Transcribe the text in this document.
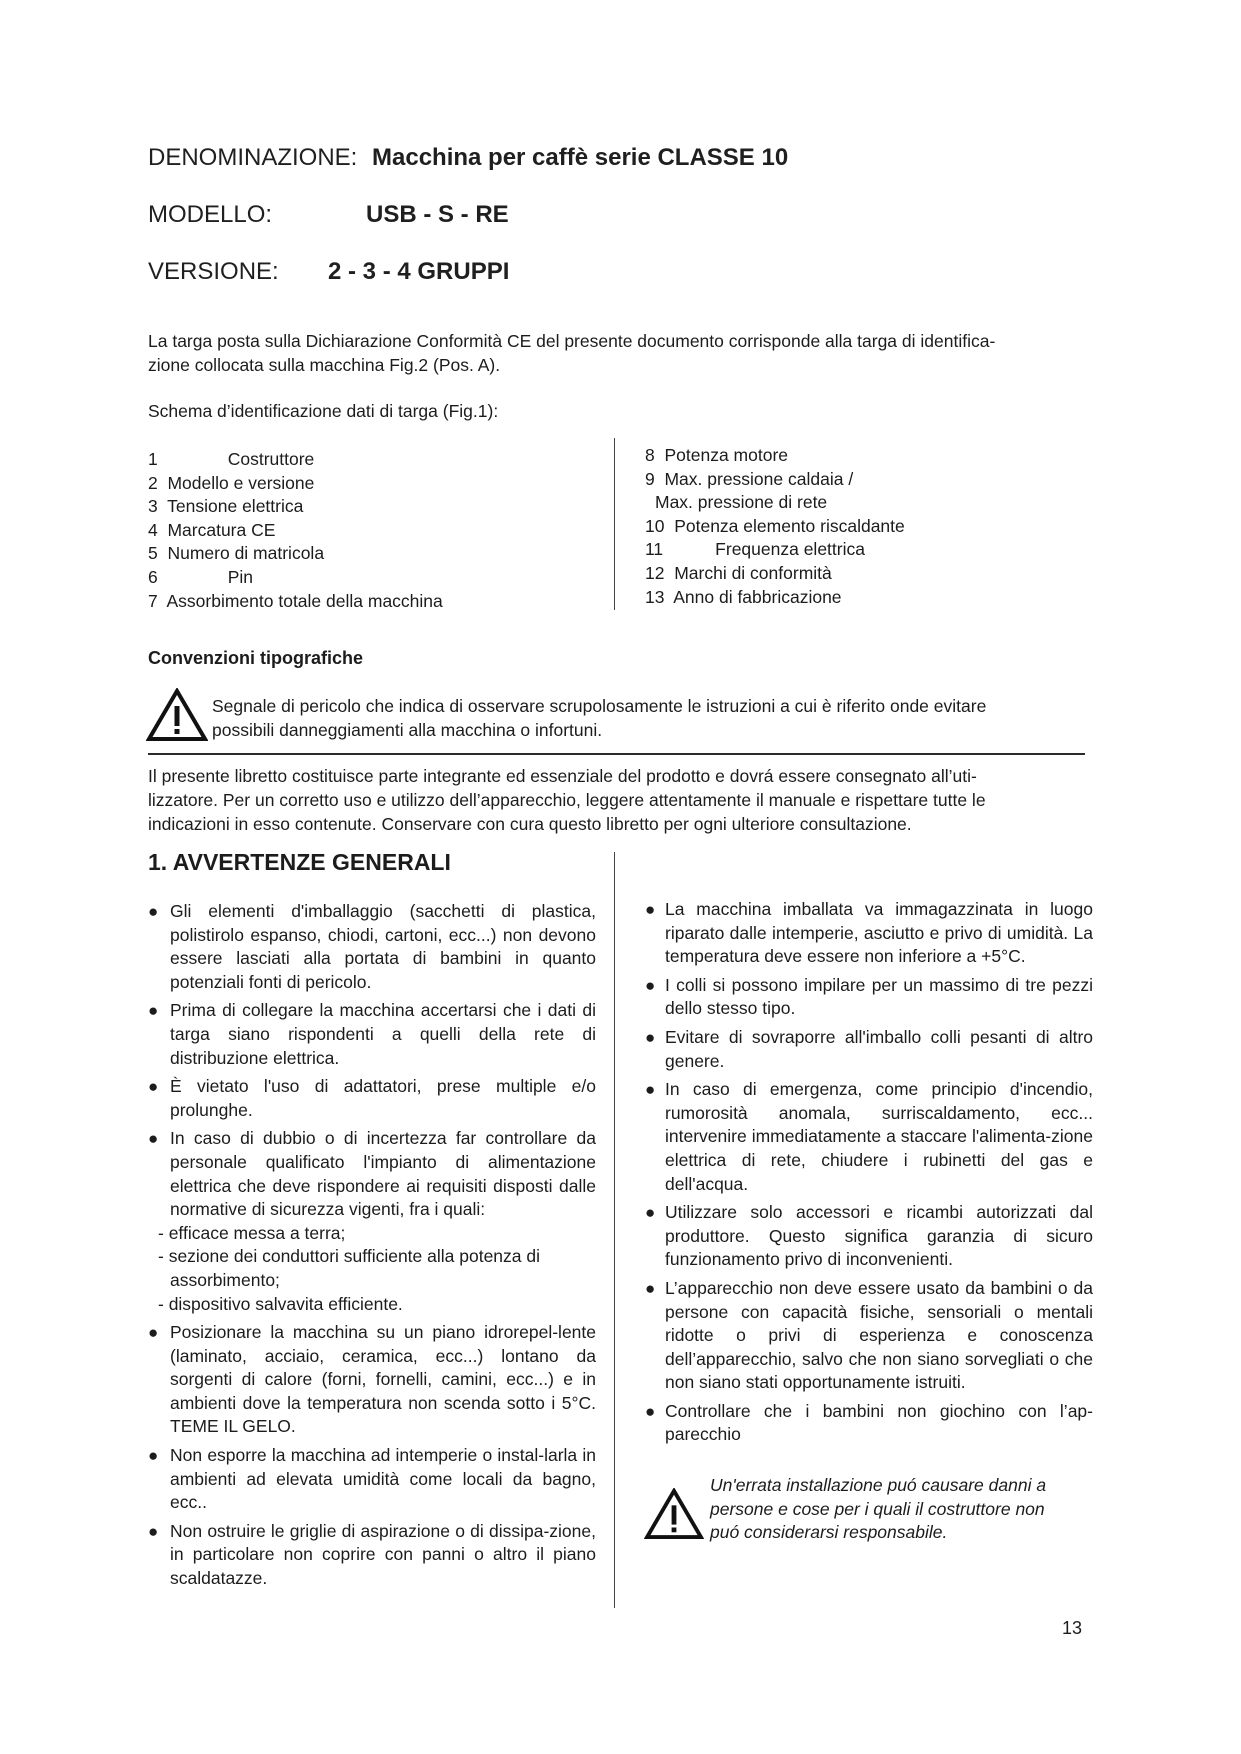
DENOMINAZIONE: Macchina per caffè serie CLASSE 10
MODELLO:	USB - S - RE
VERSIONE: 2 - 3 - 4 GRUPPI
La targa posta sulla Dichiarazione Conformità CE del presente documento corrisponde alla targa di identifica-
zione collocata sulla macchina Fig.2 (Pos. A).
Schema d’identificazione dati di targa (Fig.1):
1	Costruttore
2 Modello e versione
3 Tensione elettrica
4 Marcatura CE
5 Numero di matricola
6	Pin
7 Assorbimento totale della macchina
8 Potenza motore
9 Max. pressione caldaia /
Max. pressione di rete
10 Potenza elemento riscaldante
11	Frequenza elettrica
12 Marchi di conformità
13 Anno di fabbricazione
Convenzioni tipografiche
Segnale di pericolo che indica di osservare scrupolosamente le istruzioni a cui è riferito onde evitare
possibili danneggiamenti alla macchina o infortuni.
Il presente libretto costituisce parte integrante ed essenziale del prodotto e dovrá essere consegnato all’uti-
lizzatore. Per un corretto uso e utilizzo dell’apparecchio, leggere attentamente il manuale e rispettare tutte le
indicazioni in esso contenute. Conservare con cura questo libretto per ogni ulteriore consultazione.
1. AVVERTENZE GENERALI
● Gli elementi d'imballaggio (sacchetti di plastica, polistirolo espanso, chiodi, cartoni, ecc...) non devono essere lasciati alla portata di bambini in quanto potenziali fonti di pericolo.
● Prima di collegare la macchina accertarsi che i dati di targa siano rispondenti a quelli della rete di distribuzione elettrica.
● È vietato l'uso di adattatori, prese multiple e/o prolunghe.
● In caso di dubbio o di incertezza far controllare da personale qualificato l'impianto di alimentazione elettrica che deve rispondere ai requisiti disposti dalle normative di sicurezza vigenti, fra i quali:
- efficace messa a terra;
- sezione dei conduttori sufficiente alla potenza di
assorbimento;
- dispositivo salvavita efficiente.
● Posizionare la macchina su un piano idrorepel-lente (laminato, acciaio, ceramica, ecc...) lontano da sorgenti di calore (forni, fornelli, camini, ecc...) e in ambienti dove la temperatura non scenda sotto i 5°C. TEME IL GELO.
● Non esporre la macchina ad intemperie o instal-larla in ambienti ad elevata umidità come locali da bagno, ecc..
● Non ostruire le griglie di aspirazione o di dissipa-zione, in particolare non coprire con panni o altro il piano scaldatazze.
● La macchina imballata va immagazzinata in luogo riparato dalle intemperie, asciutto e privo di umidità. La temperatura deve essere non inferiore a +5°C.
● I colli si possono impilare per un massimo di tre pezzi dello stesso tipo.
● Evitare di sovraporre all'imballo colli pesanti di altro genere.
● In caso di emergenza, come principio d'incendio, rumorosità anomala, surriscaldamento, ecc... intervenire immediatamente a staccare l'alimenta-zione elettrica di rete, chiudere i rubinetti del gas e dell'acqua.
● Utilizzare solo accessori e ricambi autorizzati dal produttore. Questo significa garanzia di sicuro funzionamento privo di inconvenienti.
● L’apparecchio non deve essere usato da bambini o da persone con capacità fisiche, sensoriali o mentali ridotte o privi di esperienza e conoscenza dell’apparecchio, salvo che non siano sorvegliati o che non siano stati opportunamente istruiti.
● Controllare che i bambini non giochino con l’ap-parecchio
Un'errata installazione puó causare danni a
persone e cose per i quali il costruttore non
puó considerarsi responsabile.
13
